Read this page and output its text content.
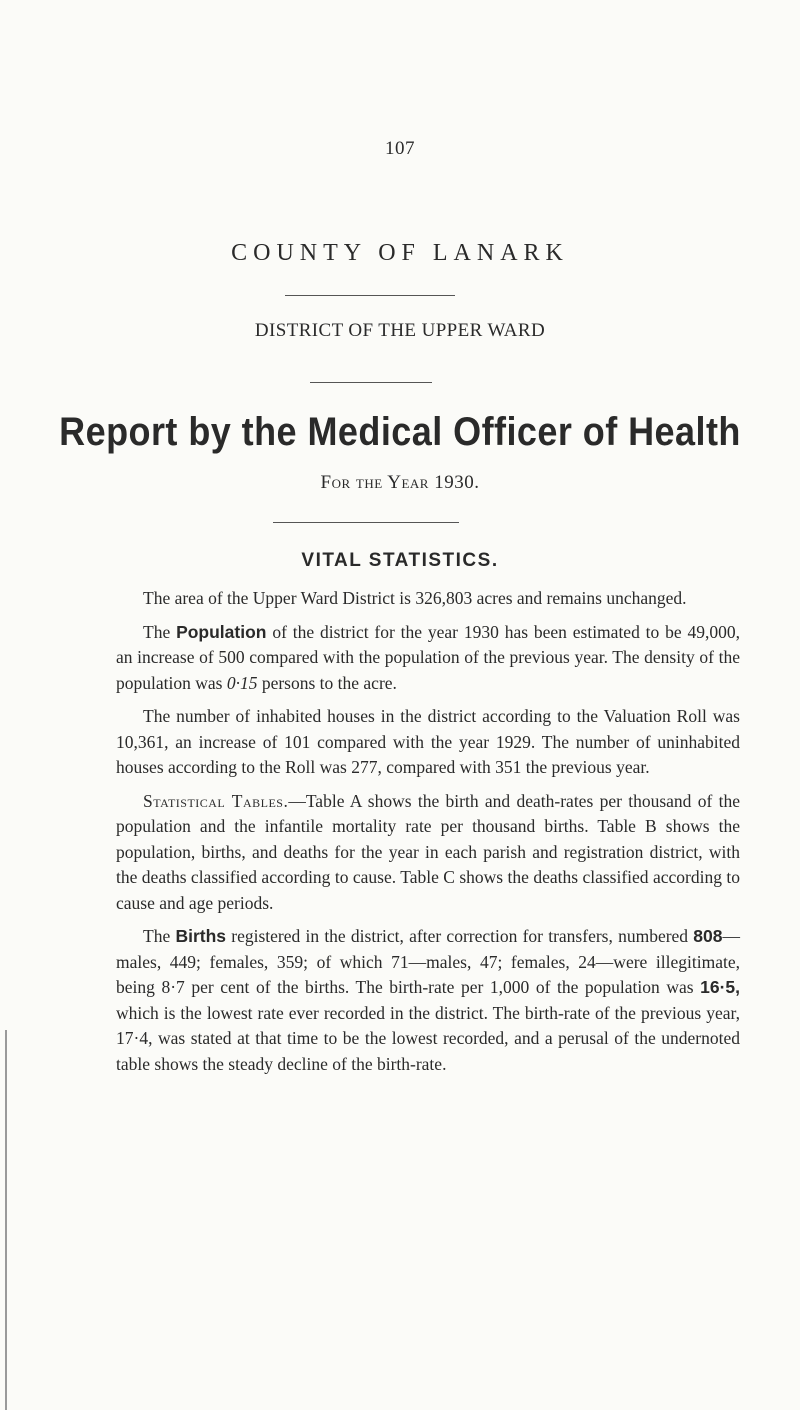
107
COUNTY OF LANARK
DISTRICT OF THE UPPER WARD
Report by the Medical Officer of Health
For the Year 1930.
VITAL STATISTICS.

The area of the Upper Ward District is 326,803 acres and remains unchanged.

The Population of the district for the year 1930 has been estimated to be 49,000, an increase of 500 compared with the population of the previous year. The density of the population was 0·15 persons to the acre.

The number of inhabited houses in the district according to the Valuation Roll was 10,361, an increase of 101 compared with the year 1929. The number of uninhabited houses according to the Roll was 277, compared with 351 the previous year.

Statistical Tables.—Table A shows the birth and death-rates per thousand of the population and the infantile mortality rate per thousand births. Table B shows the population, births, and deaths for the year in each parish and registration district, with the deaths classified according to cause. Table C shows the deaths classified according to cause and age periods.

The Births registered in the district, after correction for transfers, numbered 808—males, 449; females, 359; of which 71—males, 47; females, 24—were illegitimate, being 8·7 per cent of the births. The birth-rate per 1,000 of the population was 16·5, which is the lowest rate ever recorded in the district. The birth-rate of the previous year, 17·4, was stated at that time to be the lowest recorded, and a perusal of the undernoted table shows the steady decline of the birth-rate.
